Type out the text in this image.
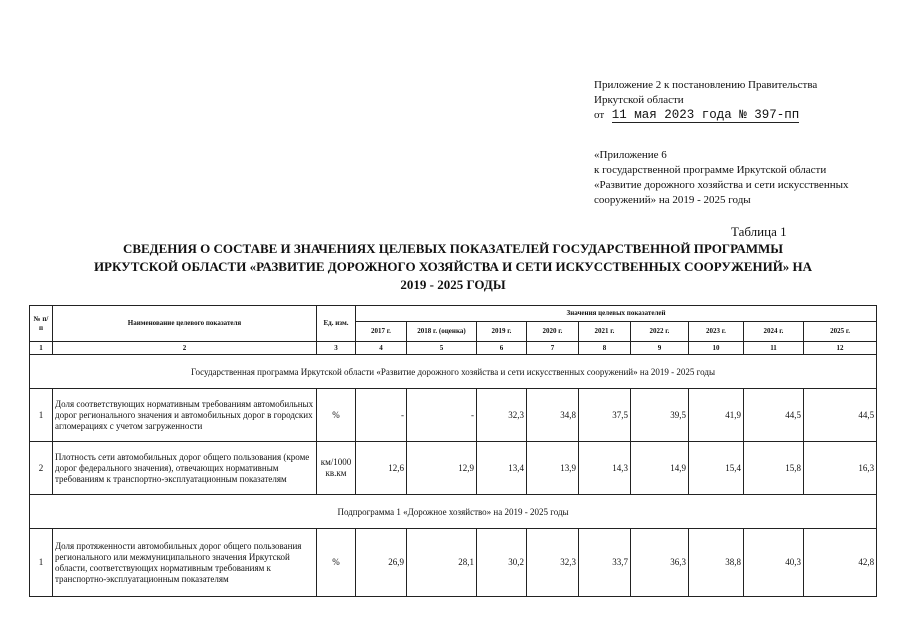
Приложение 2 к постановлению Правительства
Иркутской области
от 11 мая 2023 года № 397-пп
«Приложение 6
к государственной программе Иркутской области
«Развитие дорожного хозяйства и сети искусственных
сооружений» на 2019 - 2025 годы
Таблица 1
СВЕДЕНИЯ О СОСТАВЕ И ЗНАЧЕНИЯХ ЦЕЛЕВЫХ ПОКАЗАТЕЛЕЙ ГОСУДАРСТВЕННОЙ ПРОГРАММЫ
ИРКУТСКОЙ ОБЛАСТИ «РАЗВИТИЕ ДОРОЖНОГО ХОЗЯЙСТВА И СЕТИ ИСКУССТВЕННЫХ СООРУЖЕНИЙ» НА
2019 - 2025 ГОДЫ
№ п/п	Наименование целевого показателя	Ед. изм.	Значения целевых показателей								
			2017 г.	2018 г. (оценка)	2019 г.	2020 г.	2021 г.	2022 г.	2023 г.	2024 г.	2025 г.
1	2	3	4	5	6	7	8	9	10	11	12
Государственная программа Иркутской области «Развитие дорожного хозяйства и сети искусственных сооружений» на 2019 - 2025 годы											
1	Доля соответствующих нормативным требованиям автомобильных дорог регионального значения и автомобильных дорог в городских агломерациях с учетом загруженности	%	-	-	32,3	34,8	37,5	39,5	41,9	44,5	44,5
2	Плотность сети автомобильных дорог общего пользования (кроме дорог федерального значения), отвечающих нормативным требованиям к транспортно-эксплуатационным показателям	км/1000 кв.км	12,6	12,9	13,4	13,9	14,3	14,9	15,4	15,8	16,3
Подпрограмма 1 «Дорожное хозяйство» на 2019 - 2025 годы											
1	Доля протяженности автомобильных дорог общего пользования регионального или межмуниципального значения Иркутской области, соответствующих нормативным требованиям к транспортно-эксплуатационным показателям	%	26,9	28,1	30,2	32,3	33,7	36,3	38,8	40,3	42,8
